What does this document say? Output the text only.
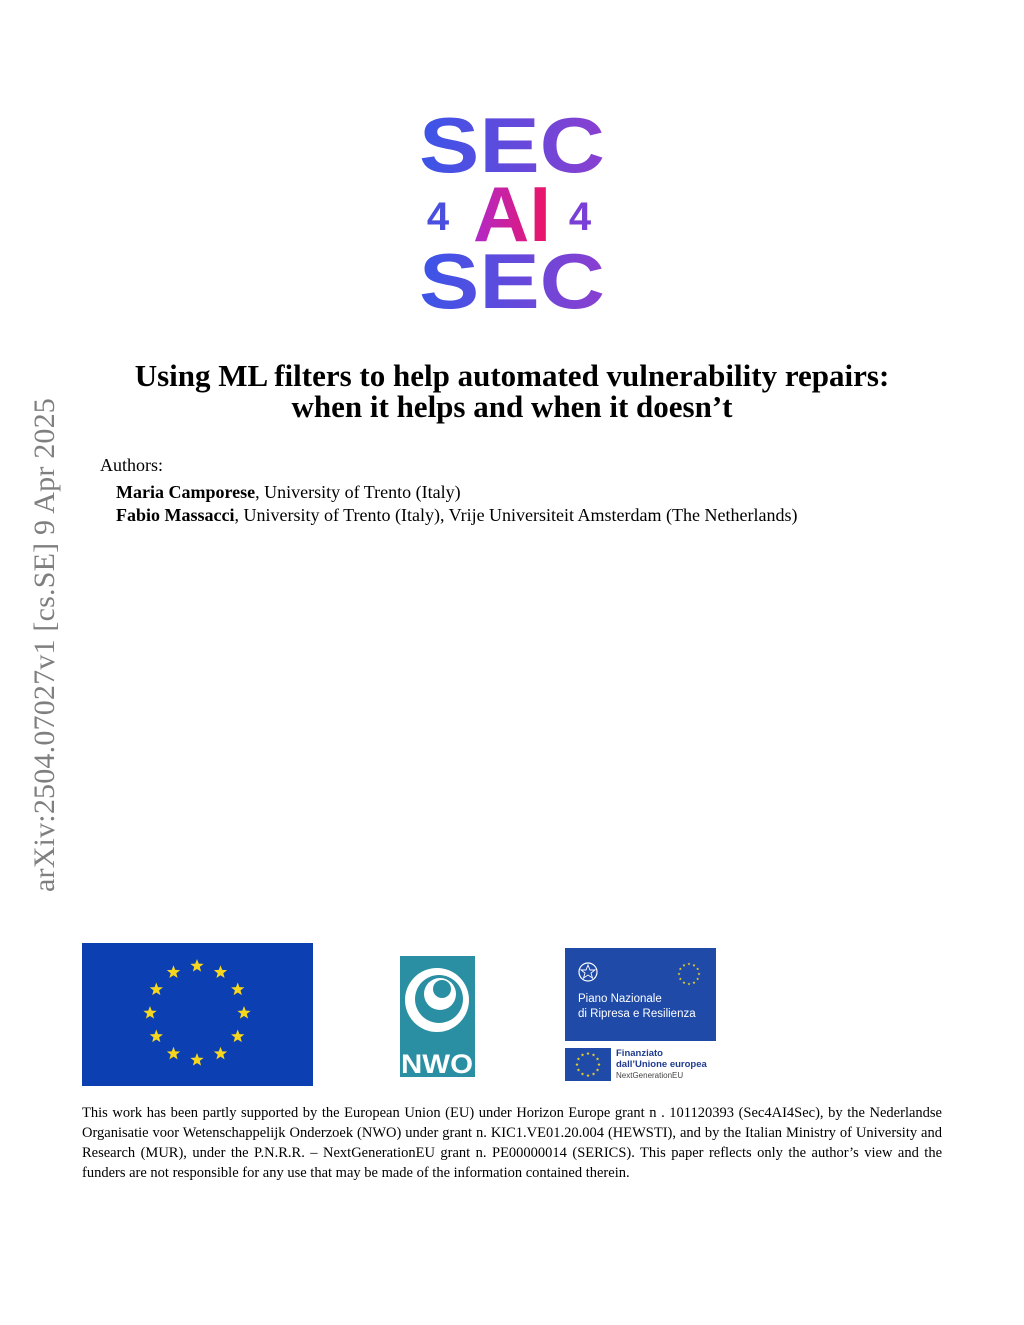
arXiv:2504.07027v1 [cs.SE] 9 Apr 2025
SEC
4 AI 4
SEC
Using ML filters to help automated vulnerability repairs:
when it helps and when it doesn’t
Authors:
Maria Camporese, University of Trento (Italy)
Fabio Massacci, University of Trento (Italy), Vrije Universiteit Amsterdam (The Netherlands)
NWO
Piano Nazionale
di Ripresa e Resilienza
Finanziato
dall’Unione europea
NextGenerationEU
This work has been partly supported by the European Union (EU) under Horizon Europe grant n . 101120393 (Sec4AI4Sec), by the Nederlandse Organisatie voor Wetenschappelijk Onderzoek (NWO) under grant n. KIC1.VE01.20.004 (HEWSTI), and by the Italian Ministry of University and Research (MUR), under the P.N.R.R. – NextGenerationEU grant n. PE00000014 (SERICS). This paper reflects only the author’s view and the funders are not responsible for any use that may be made of the information contained therein.
